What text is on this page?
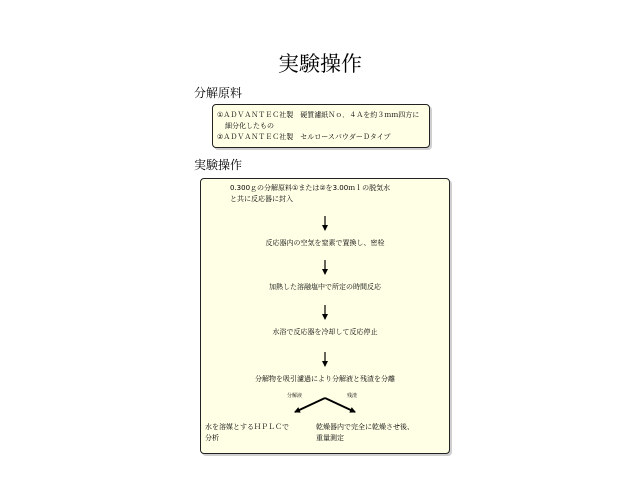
実験操作
分解原料
①ＡＤＶＡＮＴＥＣ社製　硬質濾紙Ｎｏ．４Ａを約３ｍｍ四方に
細分化したもの
②ＡＤＶＡＮＴＥＣ社製　セルロースパウダーＤタイプ
実験操作
0.300ｇの分解原料①または②を3.00ｍｌの脱気水
と共に反応器に封入
反応器内の空気を窒素で置換し、密栓
加熱した溶融塩中で所定の時間反応
水浴で反応器を冷却して反応停止
分解物を吸引濾過により分解液と残渣を分離
分解液	残渣
水を溶媒とするＨＰＬＣで
分析
乾燥器内で完全に乾燥させ後、
重量測定
